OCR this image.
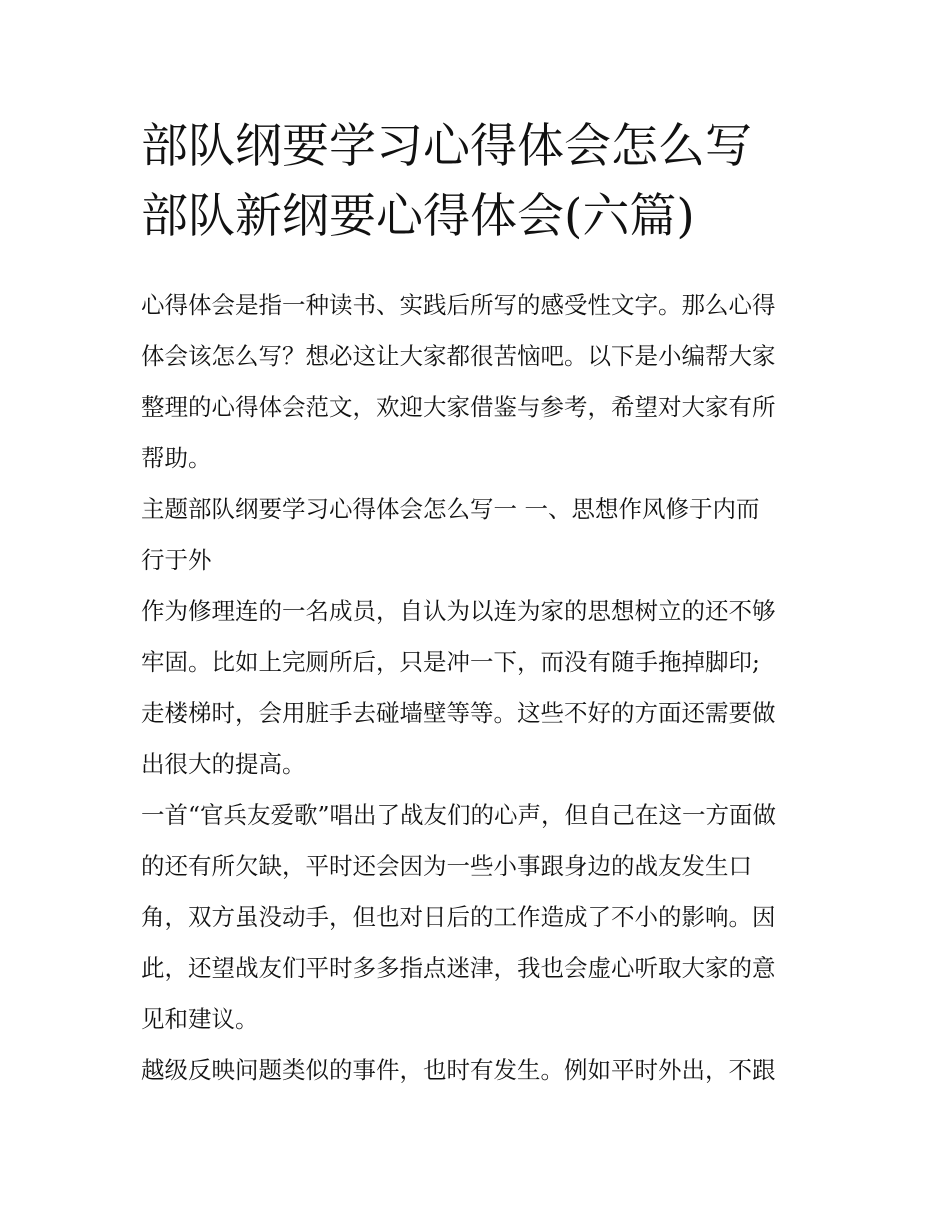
部队纲要学习心得体会怎么写
部队新纲要心得体会(六篇)

心得体会是指一种读书、实践后所写的感受性文字。那么心得
体会该怎么写？想必这让大家都很苦恼吧。以下是小编帮大家
整理的心得体会范文，欢迎大家借鉴与参考，希望对大家有所
帮助。

主题部队纲要学习心得体会怎么写一 一、思想作风修于内而
行于外

作为修理连的一名成员，自认为以连为家的思想树立的还不够
牢固。比如上完厕所后，只是冲一下，而没有随手拖掉脚印;
走楼梯时，会用脏手去碰墙壁等等。这些不好的方面还需要做
出很大的提高。

一首“官兵友爱歌”唱出了战友们的心声，但自己在这一方面做
的还有所欠缺，平时还会因为一些小事跟身边的战友发生口
角，双方虽没动手，但也对日后的工作造成了不小的影响。因
此，还望战友们平时多多指点迷津，我也会虚心听取大家的意
见和建议。

越级反映问题类似的事件，也时有发生。例如平时外出，不跟
